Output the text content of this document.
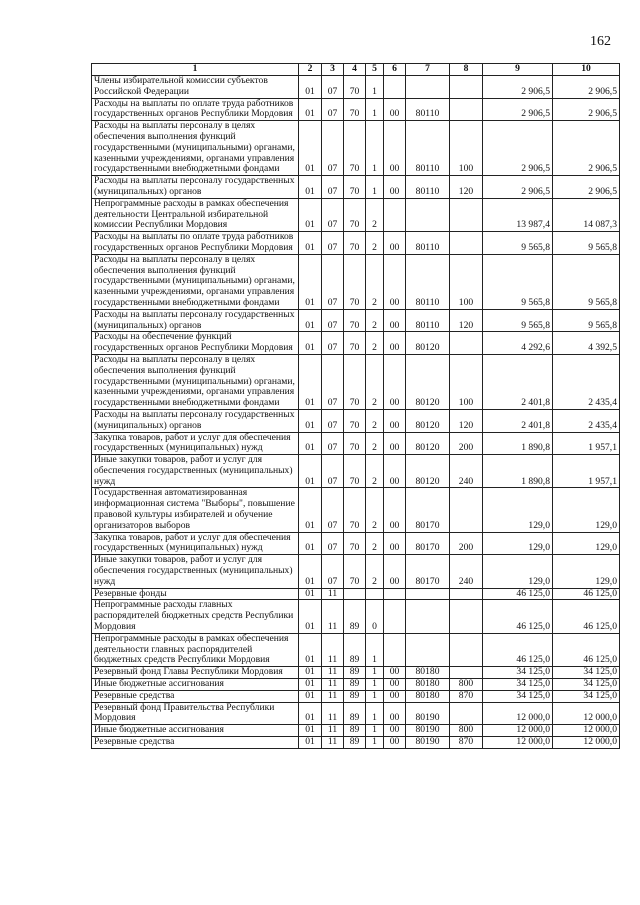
162
1	2	3	4	5	6	7	8	9	10
Члены избирательной комиссии субъектов Российской Федерации	01	07	70	1				2 906,5	2 906,5
Расходы на выплаты по оплате труда работников государственных органов Республики Мордовия	01	07	70	1	00	80110		2 906,5	2 906,5
Расходы на выплаты персоналу в целях обеспечения выполнения функций государственными (муниципальными) органами, казенными учреждениями, органами управления государственными внебюджетными фондами	01	07	70	1	00	80110	100	2 906,5	2 906,5
Расходы на выплаты персоналу государственных (муниципальных) органов	01	07	70	1	00	80110	120	2 906,5	2 906,5
Непрограммные расходы в рамках обеспечения деятельности Центральной избирательной комиссии Республики Мордовия	01	07	70	2				13 987,4	14 087,3
Расходы на выплаты по оплате труда работников государственных органов Республики Мордовия	01	07	70	2	00	80110		9 565,8	9 565,8
Расходы на выплаты персоналу в целях обеспечения выполнения функций государственными (муниципальными) органами, казенными учреждениями, органами управления государственными внебюджетными фондами	01	07	70	2	00	80110	100	9 565,8	9 565,8
Расходы на выплаты персоналу государственных (муниципальных) органов	01	07	70	2	00	80110	120	9 565,8	9 565,8
Расходы на обеспечение функций государственных органов Республики Мордовия	01	07	70	2	00	80120		4 292,6	4 392,5
Расходы на выплаты персоналу в целях обеспечения выполнения функций государственными (муниципальными) органами, казенными учреждениями, органами управления государственными внебюджетными фондами	01	07	70	2	00	80120	100	2 401,8	2 435,4
Расходы на выплаты персоналу государственных (муниципальных) органов	01	07	70	2	00	80120	120	2 401,8	2 435,4
Закупка товаров, работ и услуг для обеспечения государственных (муниципальных) нужд	01	07	70	2	00	80120	200	1 890,8	1 957,1
Иные закупки товаров, работ и услуг для обеспечения государственных (муниципальных) нужд	01	07	70	2	00	80120	240	1 890,8	1 957,1
Государственная автоматизированная информационная система "Выборы", повышение правовой культуры избирателей и обучение организаторов выборов	01	07	70	2	00	80170		129,0	129,0
Закупка товаров, работ и услуг для обеспечения государственных (муниципальных) нужд	01	07	70	2	00	80170	200	129,0	129,0
Иные закупки товаров, работ и услуг для обеспечения государственных (муниципальных) нужд	01	07	70	2	00	80170	240	129,0	129,0
Резервные фонды	01	11						46 125,0	46 125,0
Непрограммные расходы главных распорядителей бюджетных средств Республики Мордовия	01	11	89	0				46 125,0	46 125,0
Непрограммные расходы в рамках обеспечения деятельности главных распорядителей бюджетных средств Республики Мордовия	01	11	89	1				46 125,0	46 125,0
Резервный фонд Главы Республики Мордовия	01	11	89	1	00	80180		34 125,0	34 125,0
Иные бюджетные ассигнования	01	11	89	1	00	80180	800	34 125,0	34 125,0
Резервные средства	01	11	89	1	00	80180	870	34 125,0	34 125,0
Резервный фонд Правительства Республики Мордовия	01	11	89	1	00	80190		12 000,0	12 000,0
Иные бюджетные ассигнования	01	11	89	1	00	80190	800	12 000,0	12 000,0
Резервные средства	01	11	89	1	00	80190	870	12 000,0	12 000,0
